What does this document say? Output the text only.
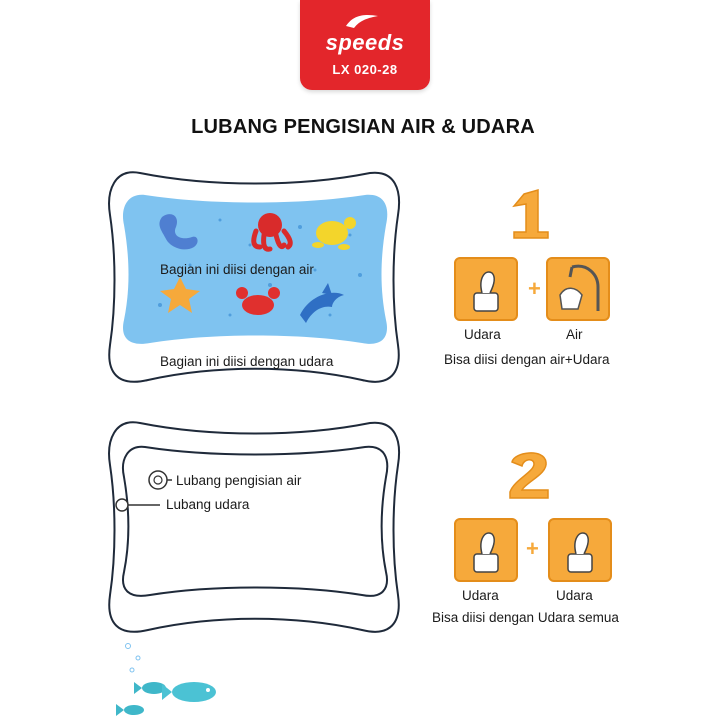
speeds
LX 020-28
LUBANG PENGISIAN AIR & UDARA
Bagian ini diisi dengan air
Bagian ini diisi dengan udara
+
Udara	Air
Bisa diisi dengan air+Udara
Lubang pengisian air
Lubang udara
+
Udara	Udara
Bisa diisi dengan Udara semua
